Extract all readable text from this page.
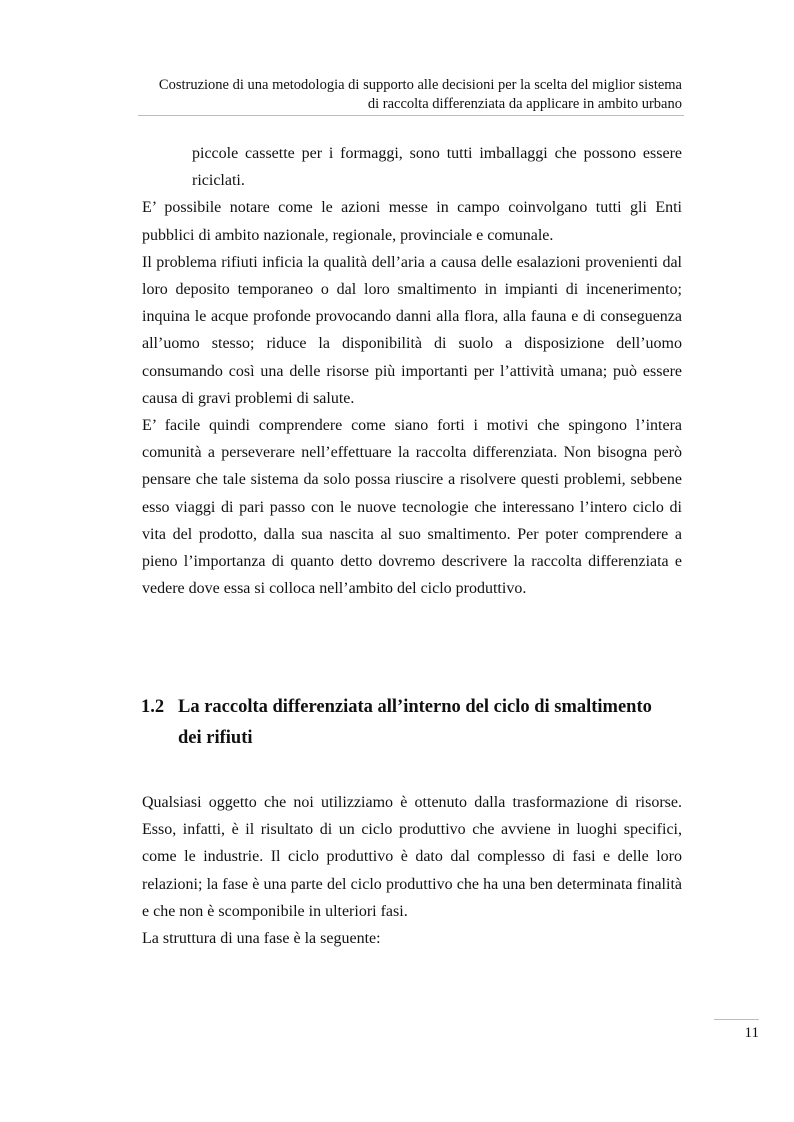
Costruzione di una metodologia di supporto alle decisioni per la scelta del miglior sistema
di raccolta differenziata da applicare in ambito urbano

piccole cassette per i formaggi, sono tutti imballaggi che possono essere riciclati.

E’ possibile notare come le azioni messe in campo coinvolgano tutti gli Enti pubblici di ambito nazionale, regionale, provinciale e comunale.

Il problema rifiuti inficia la qualità dell’aria a causa delle esalazioni provenienti dal loro deposito temporaneo o dal loro smaltimento in impianti di incenerimento; inquina le acque profonde provocando danni alla flora, alla fauna e di conseguenza all’uomo stesso; riduce la disponibilità di suolo a disposizione dell’uomo consumando così una delle risorse più importanti per l’attività umana; può essere causa di gravi problemi di salute.

E’ facile quindi comprendere come siano forti i motivi che spingono l’intera comunità a perseverare nell’effettuare la raccolta differenziata. Non bisogna però pensare che tale sistema da solo possa riuscire a risolvere questi problemi, sebbene esso viaggi di pari passo con le nuove tecnologie che interessano l’intero ciclo di vita del prodotto, dalla sua nascita al suo smaltimento. Per poter comprendere a pieno l’importanza di quanto detto dovremo descrivere la raccolta differenziata e vedere dove essa si colloca nell’ambito del ciclo produttivo.

1.2 La raccolta differenziata all’interno del ciclo di smaltimento
dei rifiuti

Qualsiasi oggetto che noi utilizziamo è ottenuto dalla trasformazione di risorse. Esso, infatti, è il risultato di un ciclo produttivo che avviene in luoghi specifici, come le industrie. Il ciclo produttivo è dato dal complesso di fasi e delle loro relazioni; la fase è una parte del ciclo produttivo che ha una ben determinata finalità e che non è scomponibile in ulteriori fasi.

La struttura di una fase è la seguente:

11
